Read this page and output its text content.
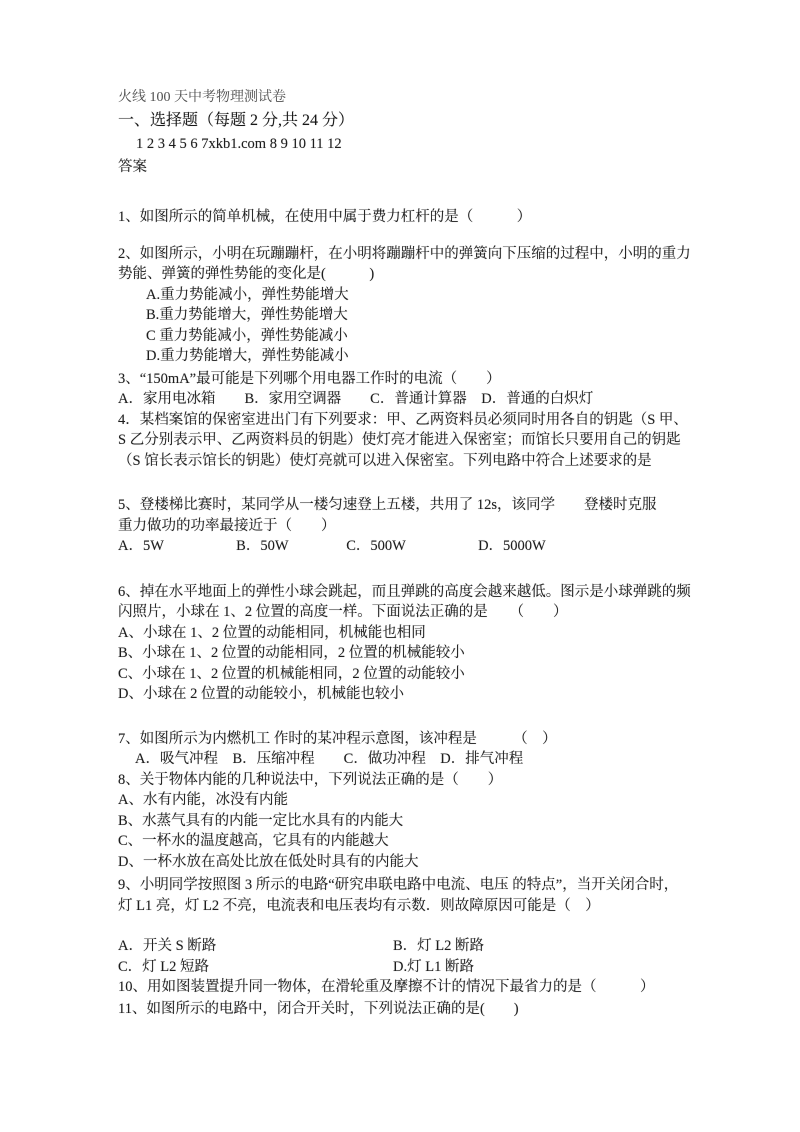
火线 100 天中考物理测试卷
一、选择题（每题 2 分,共 24 分）
1 2 3 4 5 6 7xkb1.com 8 9 10 11 12
答案
1、如图所示的简单机械，在使用中属于费力杠杆的是（　　　）
2、如图所示，小明在玩蹦蹦杆，在小明将蹦蹦杆中的弹簧向下压缩的过程中，小明的重力
势能、弹簧的弹性势能的变化是(　　　)
A.重力势能减小，弹性势能增大
B.重力势能增大，弹性势能增大
C 重力势能减小，弹性势能减小
D.重力势能增大，弹性势能减小
3、“150mA”最可能是下列哪个用电器工作时的电流（　　）
A．家用电冰箱　　B．家用空调器　　C．普通计算器　D．普通的白炽灯
4．某档案馆的保密室进出门有下列要求：甲、乙两资料员必须同时用各自的钥匙（S 甲、
S 乙分别表示甲、乙两资料员的钥匙）使灯亮才能进入保密室；而馆长只要用自己的钥匙
（S 馆长表示馆长的钥匙）使灯亮就可以进入保密室。下列电路中符合上述要求的是
5、登楼梯比赛时，某同学从一楼匀速登上五楼，共用了 12s，该同学　　登楼时克服
重力做功的功率最接近于（　　）
A．5W　　　　　B．50W　　　　C．500W　　　　　D．5000W
6、掉在水平地面上的弹性小球会跳起，而且弹跳的高度会越来越低。图示是小球弹跳的频
闪照片，小球在 1、2 位置的高度一样。下面说法正确的是　　（　　）
A、小球在 1、2 位置的动能相同，机械能也相同
B、小球在 1、2 位置的动能相同，2 位置的机械能较小
C、小球在 1、2 位置的机械能相同，2 位置的动能较小
D、小球在 2 位置的动能较小，机械能也较小
7、如图所示为内燃机工 作时的某冲程示意图，该冲程是　　　（　）
A．吸气冲程　B．压缩冲程　　C．做功冲程　D．排气冲程
8、关于物体内能的几种说法中，下列说法正确的是（　　）
A、水有内能，冰没有内能
B、水蒸气具有的内能一定比水具有的内能大
C、一杯水的温度越高，它具有的内能越大
D、一杯水放在高处比放在低处时具有的内能大
9、小明同学按照图 3 所示的电路“研究串联电路中电流、电压 的特点”，当开关闭合时，
灯 L1 亮，灯 L2 不亮，电流表和电压表均有示数．则故障原因可能是（　）
A．开关 S 断路	B．灯 L2 断路
C．灯 L2 短路	D.灯 L1 断路
10、用如图装置提升同一物体，在滑轮重及摩擦不计的情况下最省力的是（　　　）
11、如图所示的电路中，闭合开关时，下列说法正确的是(　　)
